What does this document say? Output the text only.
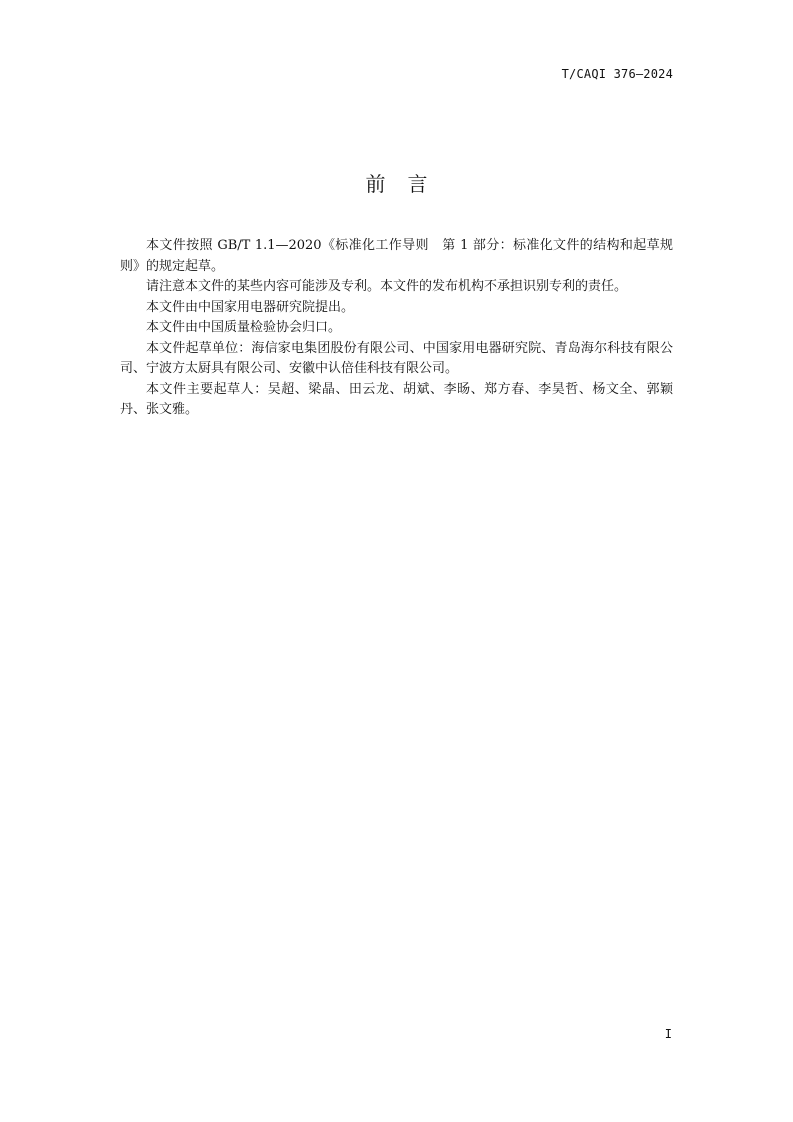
T/CAQI 376—2024
前言

本文件按照 GB/T 1.1—2020《标准化工作导则　第 1 部分：标准化文件的结构和起草规则》的规定起草。

请注意本文件的某些内容可能涉及专利。本文件的发布机构不承担识别专利的责任。

本文件由中国家用电器研究院提出。

本文件由中国质量检验协会归口。

本文件起草单位：海信家电集团股份有限公司、中国家用电器研究院、青岛海尔科技有限公司、宁波方太厨具有限公司、安徽中认倍佳科技有限公司。

本文件主要起草人：吴超、梁晶、田云龙、胡斌、李旸、郑方春、李昊哲、杨文全、郭颖丹、张文雅。

I
